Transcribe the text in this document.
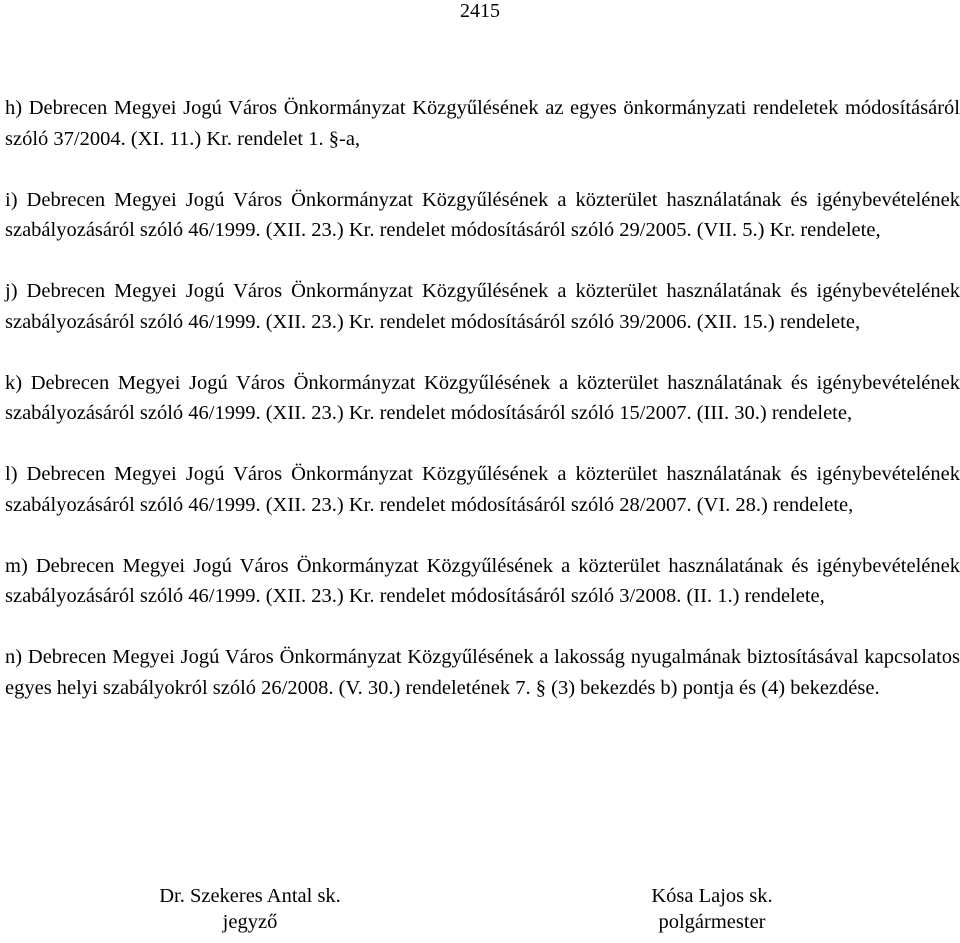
2415

h) Debrecen Megyei Jogú Város Önkormányzat Közgyűlésének az egyes önkormányzati rendeletek módosításáról szóló 37/2004. (XI. 11.) Kr. rendelet 1. §-a,

i) Debrecen Megyei Jogú Város Önkormányzat Közgyűlésének a közterület használatának és igénybevételének szabályozásáról szóló 46/1999. (XII. 23.) Kr. rendelet módosításáról szóló 29/2005. (VII. 5.) Kr. rendelete,

j) Debrecen Megyei Jogú Város Önkormányzat Közgyűlésének a közterület használatának és igénybevételének szabályozásáról szóló 46/1999. (XII. 23.) Kr. rendelet módosításáról szóló 39/2006. (XII. 15.) rendelete,

k) Debrecen Megyei Jogú Város Önkormányzat Közgyűlésének a közterület használatának és igénybevételének szabályozásáról szóló 46/1999. (XII. 23.) Kr. rendelet módosításáról szóló 15/2007. (III. 30.) rendelete,

l) Debrecen Megyei Jogú Város Önkormányzat Közgyűlésének a közterület használatának és igénybevételének szabályozásáról szóló 46/1999. (XII. 23.) Kr. rendelet módosításáról szóló 28/2007. (VI. 28.) rendelete,

m) Debrecen Megyei Jogú Város Önkormányzat Közgyűlésének a közterület használatának és igénybevételének szabályozásáról szóló 46/1999. (XII. 23.) Kr. rendelet módosításáról szóló 3/2008. (II. 1.) rendelete,

n) Debrecen Megyei Jogú Város Önkormányzat Közgyűlésének a lakosság nyugalmának biztosításával kapcsolatos egyes helyi szabályokról szóló 26/2008. (V. 30.) rendeletének 7. § (3) bekezdés b) pontja és (4) bekezdése.

Dr. Szekeres Antal sk.
jegyző
Kósa Lajos sk.
polgármester
